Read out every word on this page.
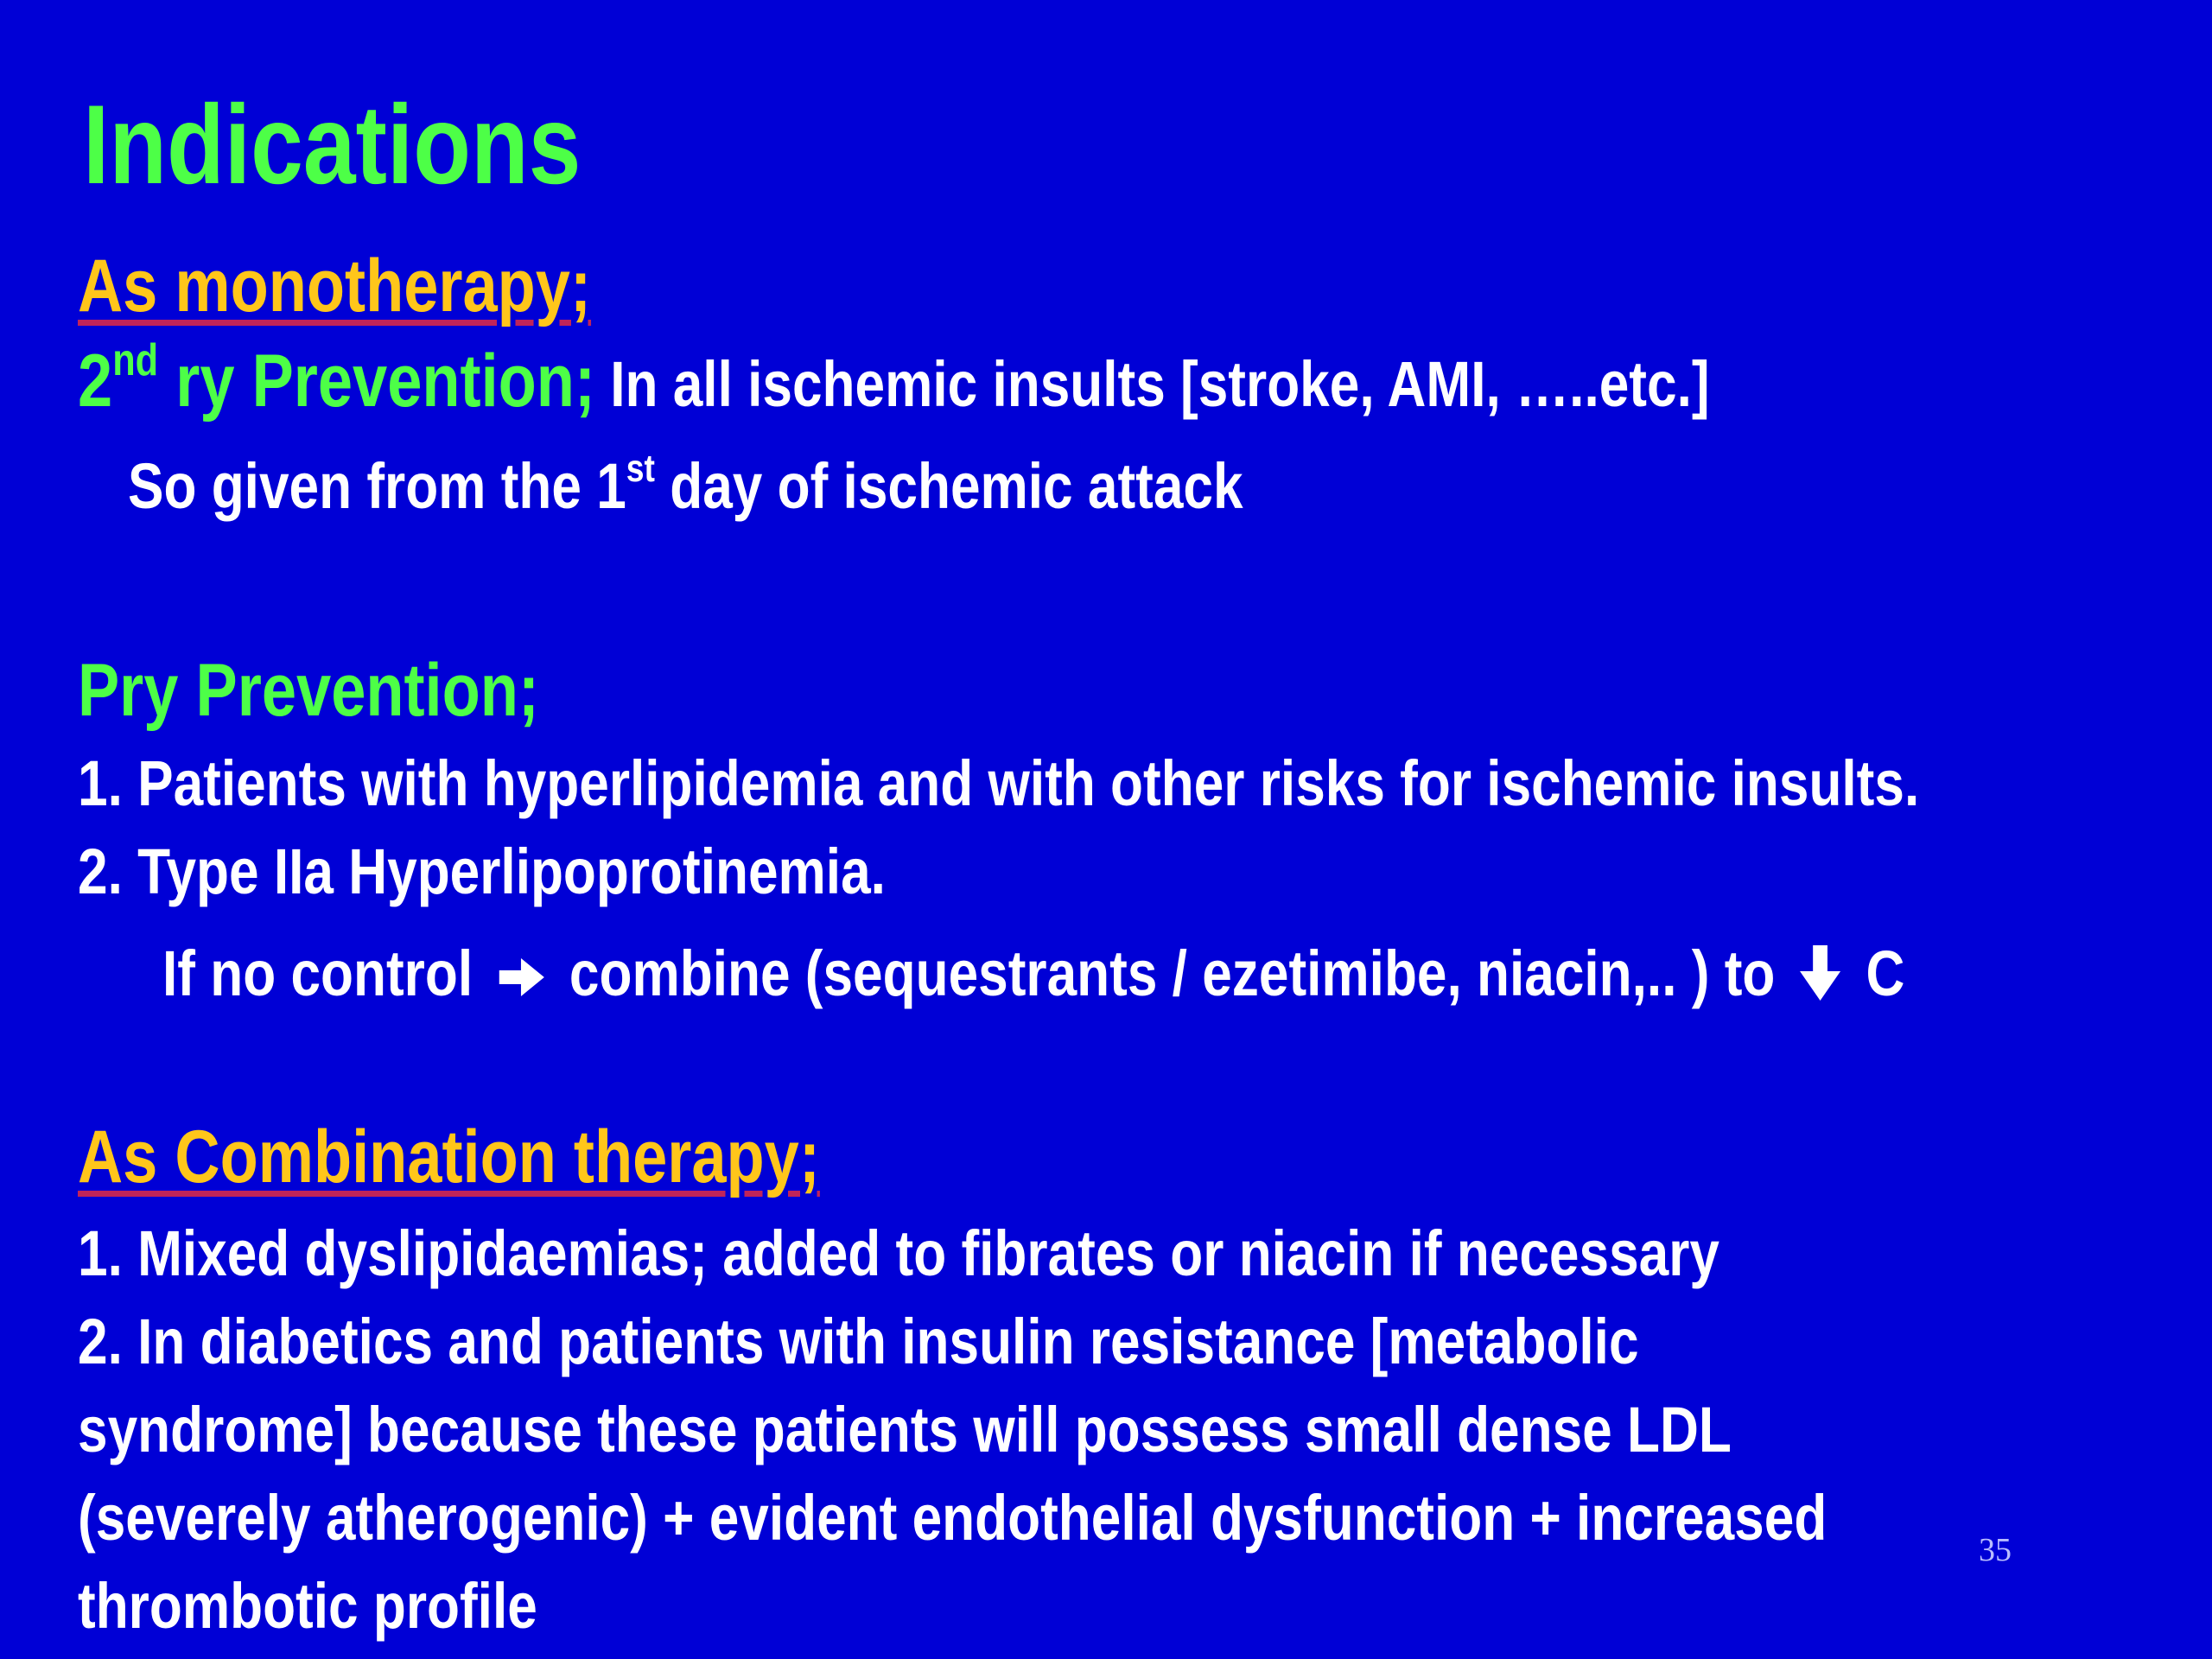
Indications
As monotherapy;
2nd ry Prevention; In all ischemic insults [stroke, AMI, …..etc.]
So given from the 1st day of ischemic attack
Pry Prevention;
1. Patients with hyperlipidemia and with other risks for ischemic insults.
2. Type IIa Hyperlipoprotinemia.
If no control combine (sequestrants / ezetimibe, niacin,.. ) to C
As Combination therapy;
1. Mixed dyslipidaemias; added to fibrates or niacin if necessary
2. In diabetics and patients with insulin resistance [metabolic
syndrome] because these patients will possess small dense LDL
(severely atherogenic) + evident endothelial dysfunction + increased
thrombotic profile
35
